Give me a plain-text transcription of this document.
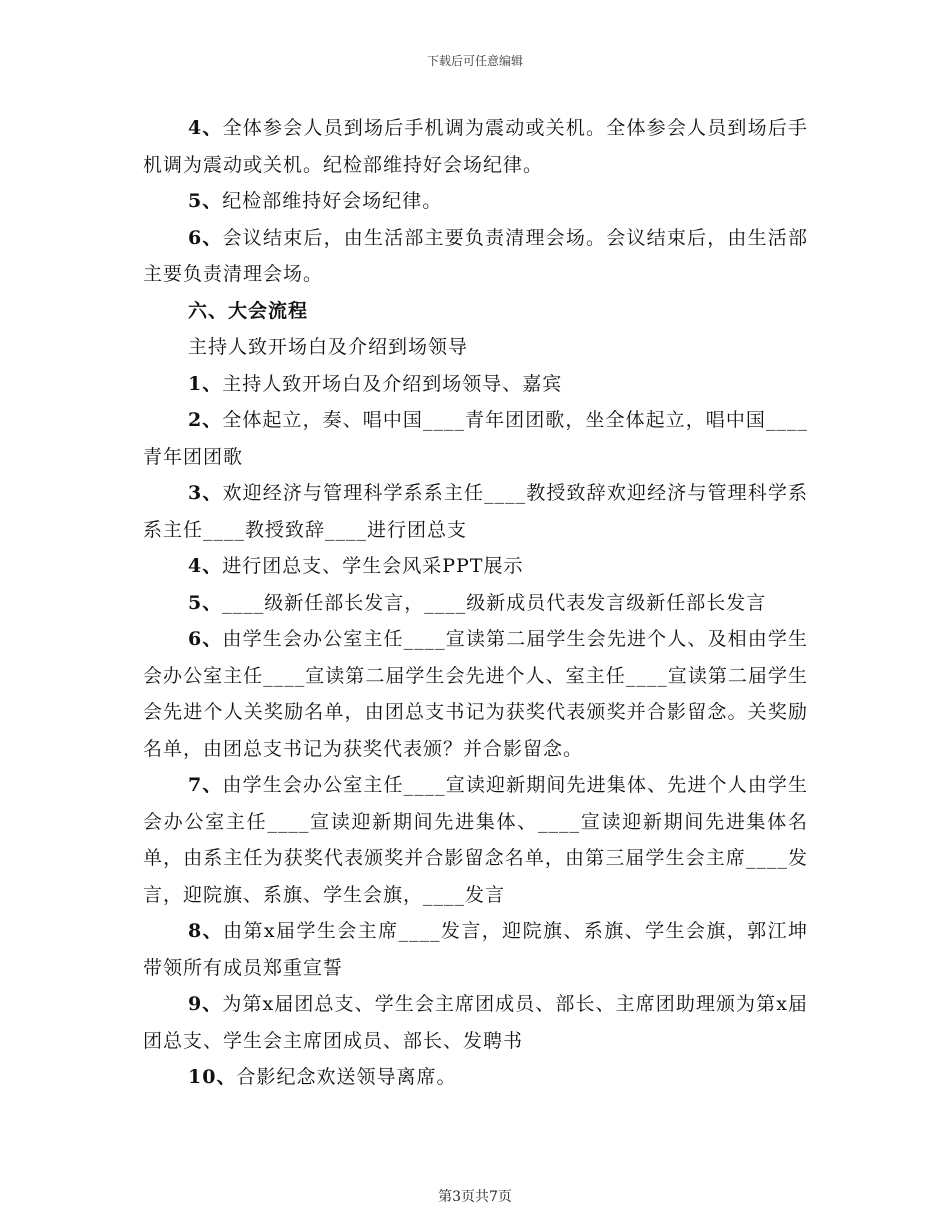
下载后可任意编辑

4、全体参会人员到场后手机调为震动或关机。全体参会人员到场后手机调为震动或关机。纪检部维持好会场纪律。

5、纪检部维持好会场纪律。

6、会议结束后，由生活部主要负责清理会场。会议结束后，由生活部主要负责清理会场。

六、大会流程

主持人致开场白及介绍到场领导

1、主持人致开场白及介绍到场领导、嘉宾

2、全体起立，奏、唱中国____青年团团歌，坐全体起立，唱中国____青年团团歌

3、欢迎经济与管理科学系系主任____教授致辞欢迎经济与管理科学系系主任____教授致辞____进行团总支

4、进行团总支、学生会风采PPT展示

5、____级新任部长发言，____级新成员代表发言级新任部长发言

6、由学生会办公室主任____宣读第二届学生会先进个人、及相由学生会办公室主任____宣读第二届学生会先进个人、室主任____宣读第二届学生会先进个人关奖励名单，由团总支书记为获奖代表颁奖并合影留念。关奖励名单，由团总支书记为获奖代表颁？并合影留念。

7、由学生会办公室主任____宣读迎新期间先进集体、先进个人由学生会办公室主任____宣读迎新期间先进集体、____宣读迎新期间先进集体名单，由系主任为获奖代表颁奖并合影留念名单，由第三届学生会主席____发言，迎院旗、系旗、学生会旗，____发言

8、由第x届学生会主席____发言，迎院旗、系旗、学生会旗，郭江坤带领所有成员郑重宣誓

9、为第x届团总支、学生会主席团成员、部长、主席团助理颁为第x届团总支、学生会主席团成员、部长、发聘书

10、合影纪念欢送领导离席。

第3页共7页
